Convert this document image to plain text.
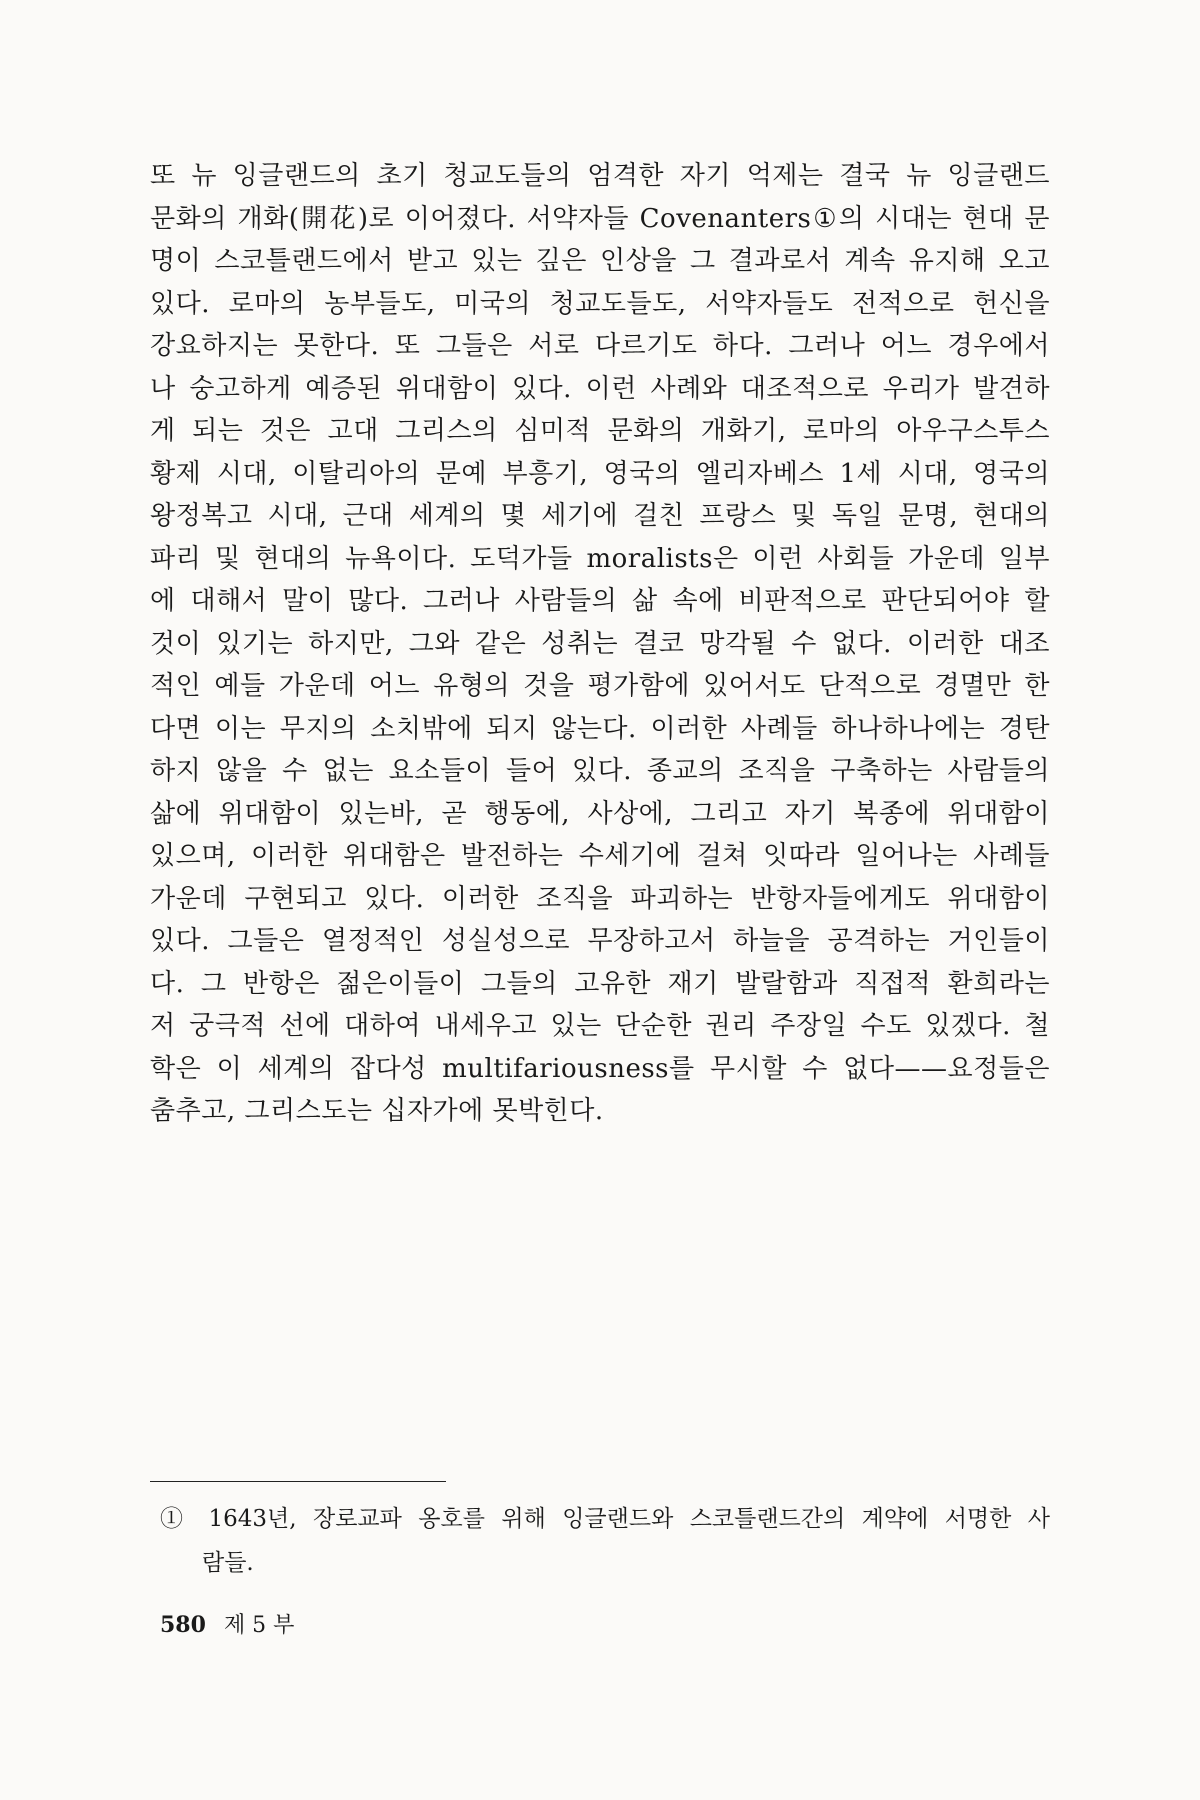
또 뉴 잉글랜드의 초기 청교도들의 엄격한 자기 억제는 결국 뉴 잉글랜드
문화의 개화(開花)로 이어졌다. 서약자들 Covenanters①의 시대는 현대 문
명이 스코틀랜드에서 받고 있는 깊은 인상을 그 결과로서 계속 유지해 오고
있다. 로마의 농부들도, 미국의 청교도들도, 서약자들도 전적으로 헌신을
강요하지는 못한다. 또 그들은 서로 다르기도 하다. 그러나 어느 경우에서
나 숭고하게 예증된 위대함이 있다. 이런 사례와 대조적으로 우리가 발견하
게 되는 것은 고대 그리스의 심미적 문화의 개화기, 로마의 아우구스투스
황제 시대, 이탈리아의 문예 부흥기, 영국의 엘리자베스 1세 시대, 영국의
왕정복고 시대, 근대 세계의 몇 세기에 걸친 프랑스 및 독일 문명, 현대의
파리 및 현대의 뉴욕이다. 도덕가들 moralists은 이런 사회들 가운데 일부
에 대해서 말이 많다. 그러나 사람들의 삶 속에 비판적으로 판단되어야 할
것이 있기는 하지만, 그와 같은 성취는 결코 망각될 수 없다. 이러한 대조
적인 예들 가운데 어느 유형의 것을 평가함에 있어서도 단적으로 경멸만 한
다면 이는 무지의 소치밖에 되지 않는다. 이러한 사례들 하나하나에는 경탄
하지 않을 수 없는 요소들이 들어 있다. 종교의 조직을 구축하는 사람들의
삶에 위대함이 있는바, 곧 행동에, 사상에, 그리고 자기 복종에 위대함이
있으며, 이러한 위대함은 발전하는 수세기에 걸쳐 잇따라 일어나는 사례들
가운데 구현되고 있다. 이러한 조직을 파괴하는 반항자들에게도 위대함이
있다. 그들은 열정적인 성실성으로 무장하고서 하늘을 공격하는 거인들이
다. 그 반항은 젊은이들이 그들의 고유한 재기 발랄함과 직접적 환희라는
저 궁극적 선에 대하여 내세우고 있는 단순한 권리 주장일 수도 있겠다. 철
학은 이 세계의 잡다성 multifariousness를 무시할 수 없다——요정들은
춤추고, 그리스도는 십자가에 못박힌다.
① 1643년, 장로교파 옹호를 위해 잉글랜드와 스코틀랜드간의 계약에 서명한 사
람들.
580 제 5 부
